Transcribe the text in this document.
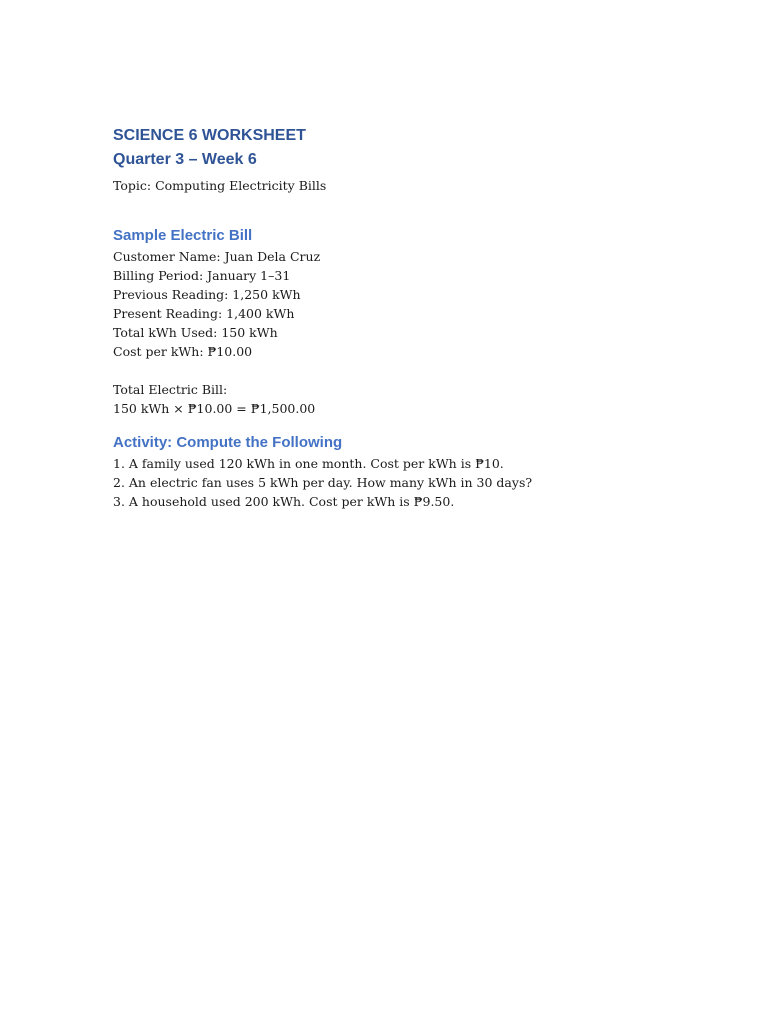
SCIENCE 6 WORKSHEET
Quarter 3 – Week 6
Topic: Computing Electricity Bills
Sample Electric Bill
Customer Name: Juan Dela Cruz
Billing Period: January 1–31
Previous Reading: 1,250 kWh
Present Reading: 1,400 kWh
Total kWh Used: 150 kWh
Cost per kWh: ₱10.00
Total Electric Bill:
150 kWh × ₱10.00 = ₱1,500.00
Activity: Compute the Following
1. A family used 120 kWh in one month. Cost per kWh is ₱10.
2. An electric fan uses 5 kWh per day. How many kWh in 30 days?
3. A household used 200 kWh. Cost per kWh is ₱9.50.
